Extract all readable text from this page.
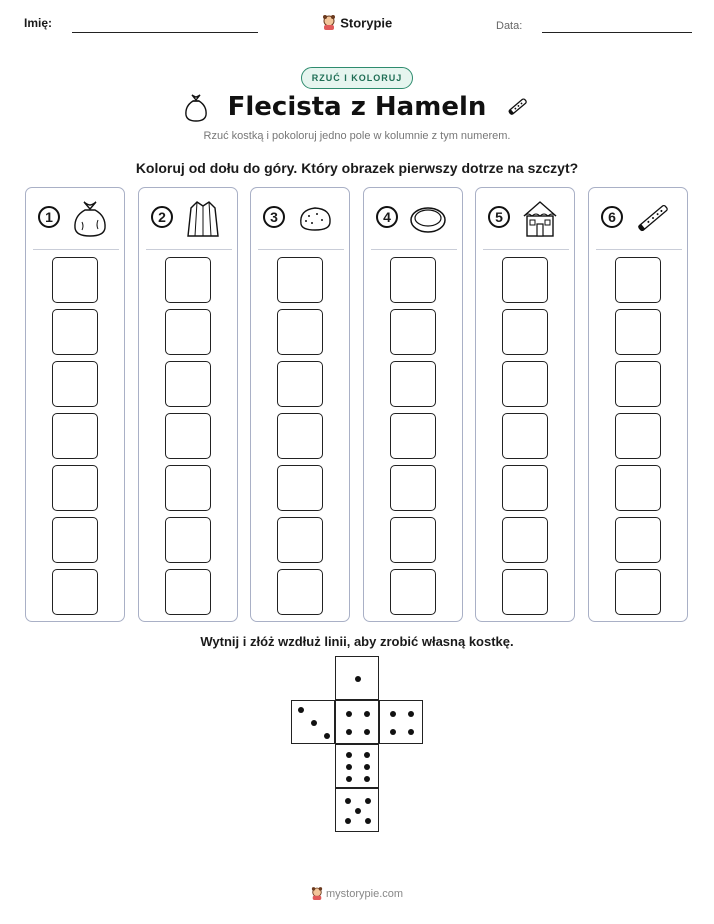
Imię:	Storypie	Data:
RZUĆ I KOLORUJ
Flecista z Hameln
Rzuć kostką i pokoloruj jedno pole w kolumnie z tym numerem.
Koloruj od dołu do góry. Który obrazek pierwszy dotrze na szczyt?
1	2	3	4	5	6
Wytnij i złóż wzdłuż linii, aby zrobić własną kostkę.
mystorypie.com
